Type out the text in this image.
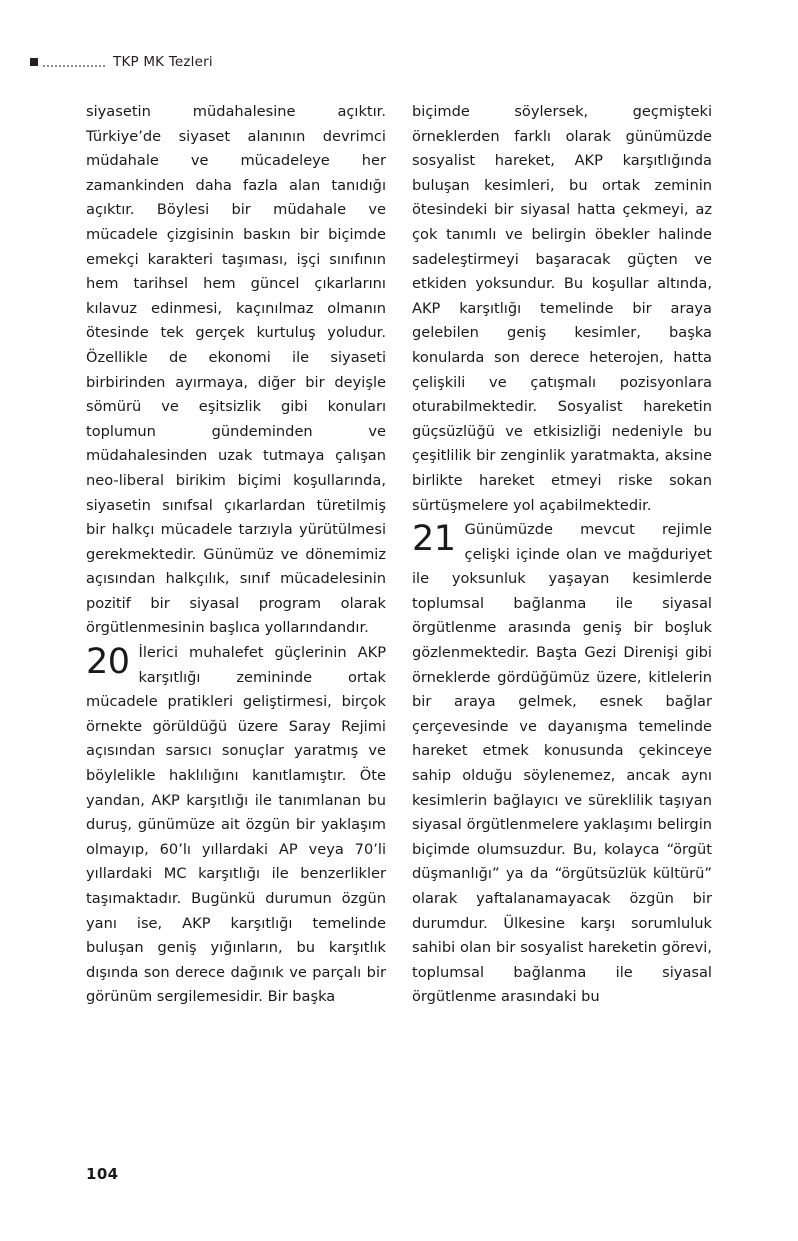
TKP MK Tezleri

siyasetin müdahalesine açıktır. Türkiye’de siyaset alanının devrimci müdahale ve mücadeleye her zamankinden daha fazla alan tanıdığı açıktır. Böylesi bir müdahale ve mücadele çizgisinin baskın bir biçimde emekçi karakteri taşıması, işçi sınıfının hem tarihsel hem güncel çıkarlarını kılavuz edinmesi, kaçınılmaz olmanın ötesinde tek gerçek kurtuluş yoludur. Özellikle de ekonomi ile siyaseti birbirinden ayırmaya, diğer bir deyişle sömürü ve eşitsizlik gibi konuları toplumun gündeminden ve müdahalesinden uzak tutmaya çalışan neo-liberal birikim biçimi koşullarında, siyasetin sınıfsal çıkarlardan türetilmiş bir halkçı mücadele tarzıyla yürütülmesi gerekmektedir. Günümüz ve dönemimiz açısından halkçılık, sınıf mücadelesinin pozitif bir siyasal program olarak örgütlenmesinin başlıca yollarındandır.

20 İlerici muhalefet güçlerinin AKP karşıtlığı zemininde ortak mücadele pratikleri geliştirmesi, birçok örnekte görüldüğü üzere Saray Rejimi açısından sarsıcı sonuçlar yaratmış ve böylelikle haklılığını kanıtlamıştır. Öte yandan, AKP karşıtlığı ile tanımlanan bu duruş, günümüze ait özgün bir yaklaşım olmayıp, 60’lı yıllardaki AP veya 70’li yıllardaki MC karşıtlığı ile benzerlikler taşımaktadır. Bugünkü durumun özgün yanı ise, AKP karşıtlığı temelinde buluşan geniş yığınların, bu karşıtlık dışında son derece dağınık ve parçalı bir görünüm sergilemesidir. Bir başka

biçimde söylersek, geçmişteki örneklerden farklı olarak günümüzde sosyalist hareket, AKP karşıtlığında buluşan kesimleri, bu ortak zeminin ötesindeki bir siyasal hatta çekmeyi, az çok tanımlı ve belirgin öbekler halinde sadeleştirmeyi başaracak güçten ve etkiden yoksundur. Bu koşullar altında, AKP karşıtlığı temelinde bir araya gelebilen geniş kesimler, başka konularda son derece heterojen, hatta çelişkili ve çatışmalı pozisyonlara oturabilmektedir. Sosyalist hareketin güçsüzlüğü ve etkisizliği nedeniyle bu çeşitlilik bir zenginlik yaratmakta, aksine birlikte hareket etmeyi riske sokan sürtüşmelere yol açabilmektedir.

21 Günümüzde mevcut rejimle çelişki içinde olan ve mağduriyet ile yoksunluk yaşayan kesimlerde toplumsal bağlanma ile siyasal örgütlenme arasında geniş bir boşluk gözlenmektedir. Başta Gezi Direnişi gibi örneklerde gördüğümüz üzere, kitlelerin bir araya gelmek, esnek bağlar çerçevesinde ve dayanışma temelinde hareket etmek konusunda çekinceye sahip olduğu söylenemez, ancak aynı kesimlerin bağlayıcı ve süreklilik taşıyan siyasal örgütlenmelere yaklaşımı belirgin biçimde olumsuzdur. Bu, kolayca “örgüt düşmanlığı” ya da “örgütsüzlük kültürü” olarak yaftalanamayacak özgün bir durumdur. Ülkesine karşı sorumluluk sahibi olan bir sosyalist hareketin görevi, toplumsal bağlanma ile siyasal örgütlenme arasındaki bu

104
